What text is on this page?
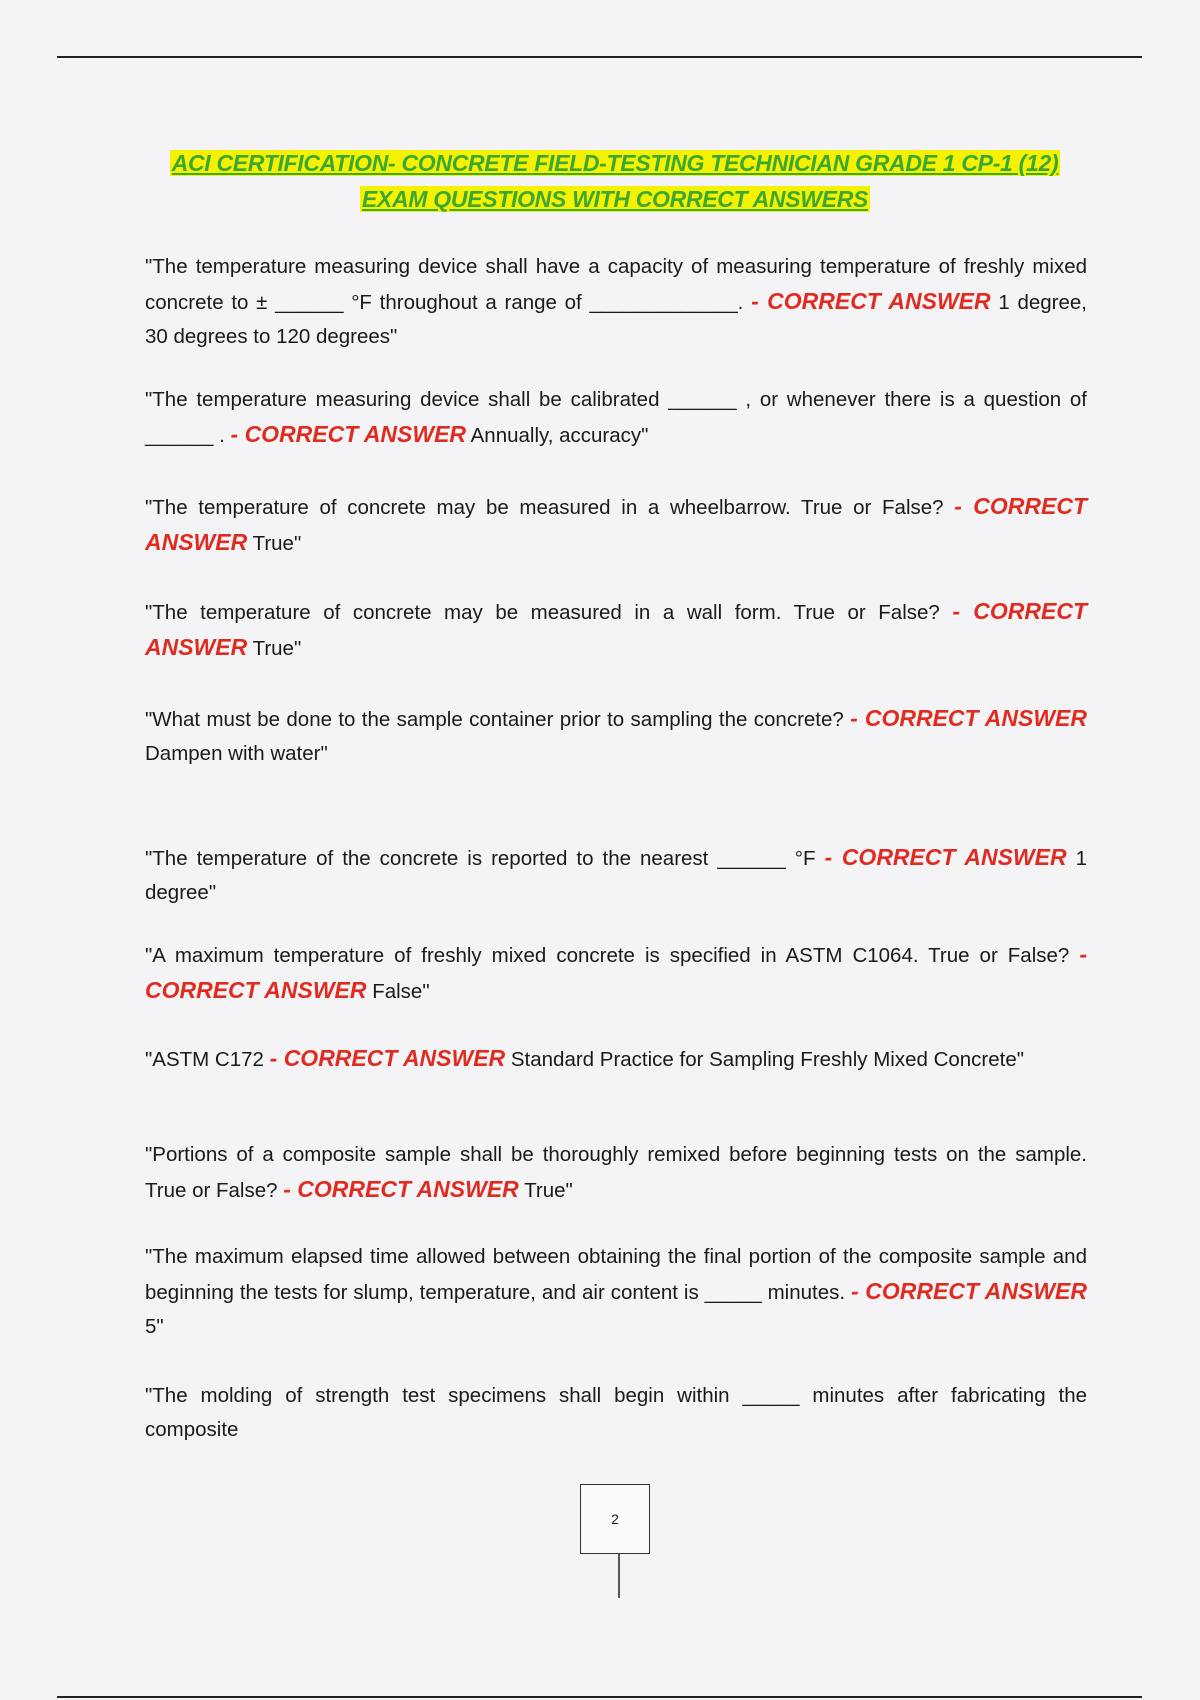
ACI CERTIFICATION- CONCRETE FIELD-TESTING TECHNICIAN GRADE 1 CP-1 (12)
EXAM QUESTIONS WITH CORRECT ANSWERS
"The temperature measuring device shall have a capacity of measuring temperature of freshly mixed concrete to ± ______ °F throughout a range of _____________. - CORRECT ANSWER 1 degree, 30 degrees to 120 degrees"
"The temperature measuring device shall be calibrated ______ , or whenever there is a question of ______ . - CORRECT ANSWER Annually, accuracy"
"The temperature of concrete may be measured in a wheelbarrow. True or False? - CORRECT ANSWER True"
"The temperature of concrete may be measured in a wall form. True or False? - CORRECT ANSWER True"
"What must be done to the sample container prior to sampling the concrete? - CORRECT ANSWER Dampen with water"
"The temperature of the concrete is reported to the nearest ______ °F - CORRECT ANSWER 1 degree"
"A maximum temperature of freshly mixed concrete is specified in ASTM C1064. True or False? - CORRECT ANSWER False"
"ASTM C172 - CORRECT ANSWER Standard Practice for Sampling Freshly Mixed Concrete"
"Portions of a composite sample shall be thoroughly remixed before beginning tests on the sample. True or False? - CORRECT ANSWER True"
"The maximum elapsed time allowed between obtaining the final portion of the composite sample and beginning the tests for slump, temperature, and air content is _____ minutes. - CORRECT ANSWER 5"
"The molding of strength test specimens shall begin within _____ minutes after fabricating the composite
2
